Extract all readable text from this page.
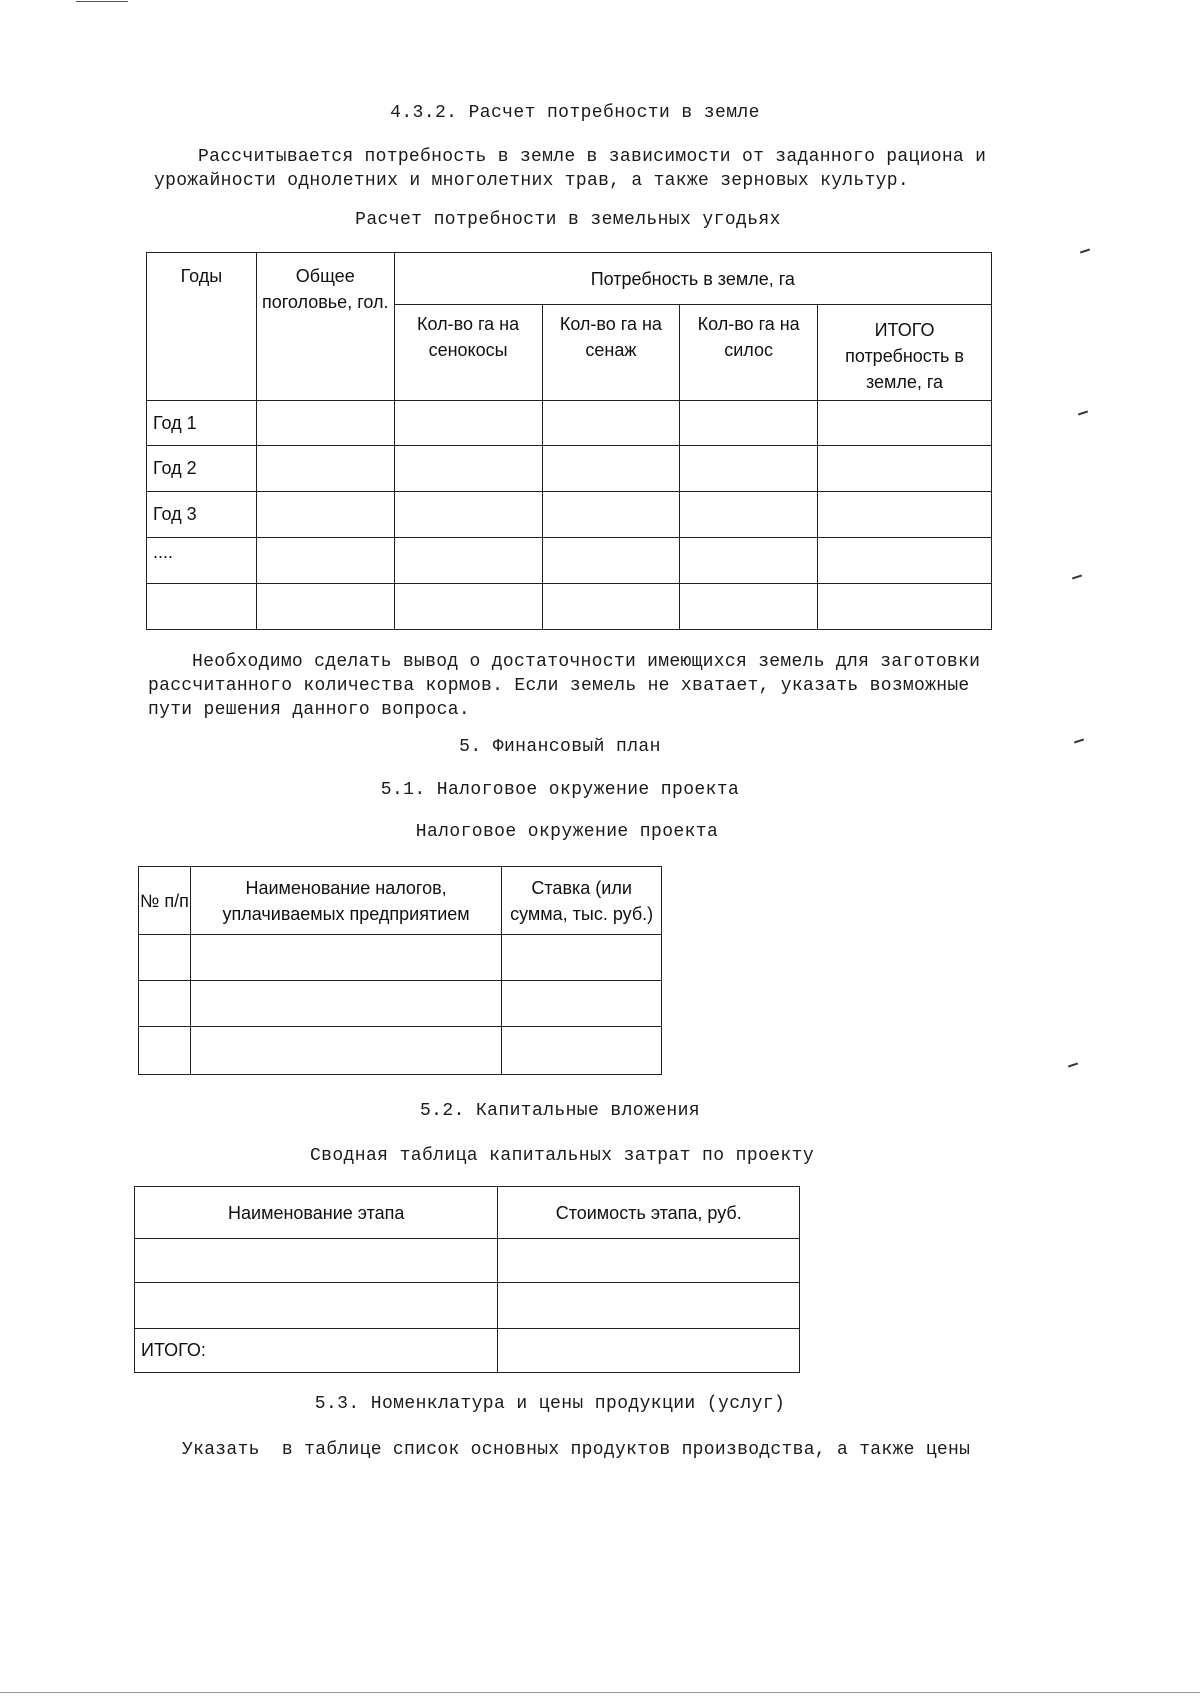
4.3.2. Расчет потребности в земле
Рассчитывается потребность в земле в зависимости от заданного рациона и
урожайности однолетних и многолетних трав, а также зерновых культур.
Расчет потребности в земельных угодьях
Годы	Общее поголовье, гол.	Потребность в земле, га			
		Кол-во га на сенокосы	Кол-во га на сенаж	Кол-во га на силос	ИТОГО потребность в земле, га
Год 1					
Год 2					
Год 3					
....					

Необходимо сделать вывод о достаточности имеющихся земель для заготовки
рассчитанного количества кормов. Если земель не хватает, указать возможные
пути решения данного вопроса.
5. Финансовый план
5.1. Налоговое окружение проекта
Налоговое окружение проекта
№ п/п	Наименование налогов, уплачиваемых предприятием	Ставка (или сумма, тыс. руб.)

5.2. Капитальные вложения
Сводная таблица капитальных затрат по проекту
Наименование этапа	Стоимость этапа, руб.

ИТОГО:	
5.3. Номенклатура и цены продукции (услуг)
Указать  в таблице список основных продуктов производства, а также цены
